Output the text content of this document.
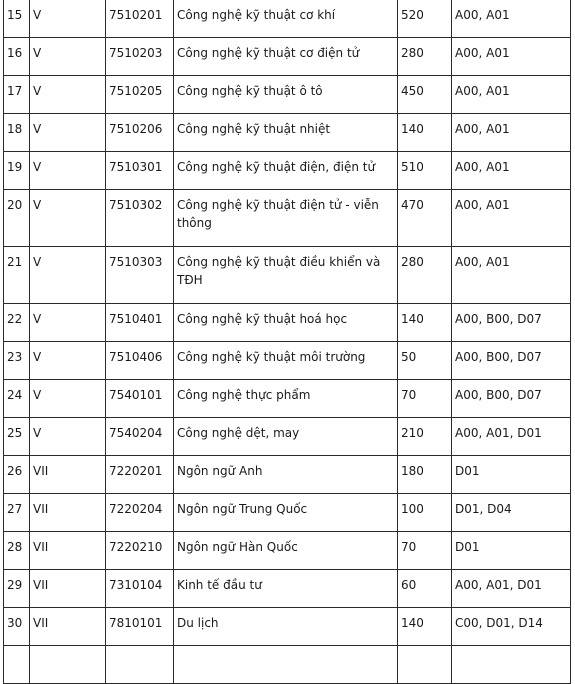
15	V	7510201	Công nghệ kỹ thuật cơ khí	520	A00, A01
16	V	7510203	Công nghệ kỹ thuật cơ điện tử	280	A00, A01
17	V	7510205	Công nghệ kỹ thuật ô tô	450	A00, A01
18	V	7510206	Công nghệ kỹ thuật nhiệt	140	A00, A01
19	V	7510301	Công nghệ kỹ thuật điện, điện tử	510	A00, A01
20	V	7510302	Công nghệ kỹ thuật điện tử - viễn thông	470	A00, A01
21	V	7510303	Công nghệ kỹ thuật điều khiển và TĐH	280	A00, A01
22	V	7510401	Công nghệ kỹ thuật hoá học	140	A00, B00, D07
23	V	7510406	Công nghệ kỹ thuật môi trường	50	A00, B00, D07
24	V	7540101	Công nghệ thực phẩm	70	A00, B00, D07
25	V	7540204	Công nghệ dệt, may	210	A00, A01, D01
26	VII	7220201	Ngôn ngữ Anh	180	D01
27	VII	7220204	Ngôn ngữ Trung Quốc	100	D01, D04
28	VII	7220210	Ngôn ngữ Hàn Quốc	70	D01
29	VII	7310104	Kinh tế đầu tư	60	A00, A01, D01
30	VII	7810101	Du lịch	140	C00, D01, D14
